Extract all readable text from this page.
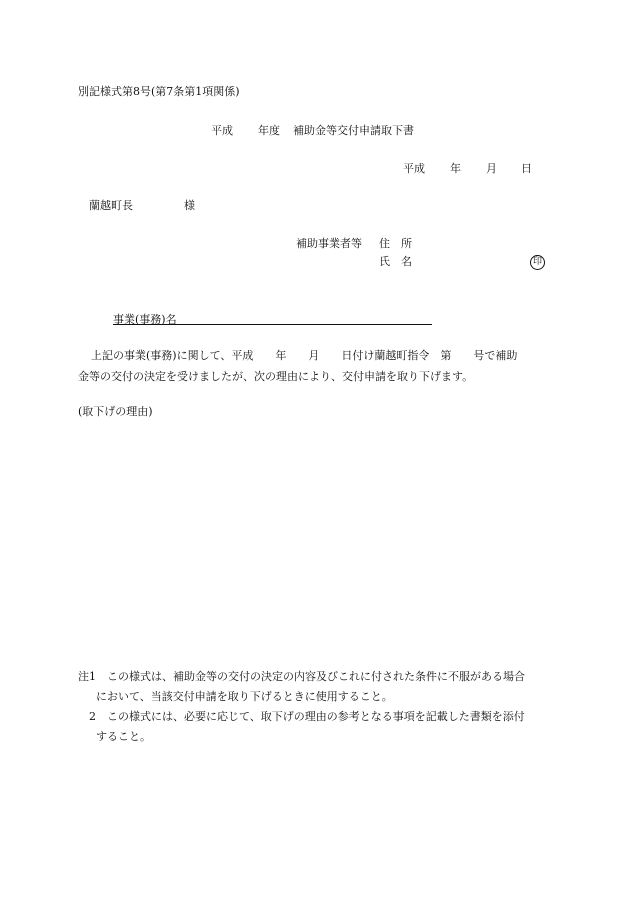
別記様式第8号(第7条第1項関係)
平成 年度 補助金等交付申請取下書
平成 年 月 日
蘭越町長	様
補助事業者等 住　所
氏　名	印
事業(事務)名
上記の事業(事務)に関して、平成　　年　　月　　日付け蘭越町指令　第　　号で補助
金等の交付の決定を受けましたが、次の理由により、交付申請を取り下げます。
(取下げの理由)
注1 この様式は、補助金等の交付の決定の内容及びこれに付された条件に不服がある場合
において、当該交付申請を取り下げるときに使用すること。
2 この様式には、必要に応じて、取下げの理由の参考となる事項を記載した書類を添付
すること。
